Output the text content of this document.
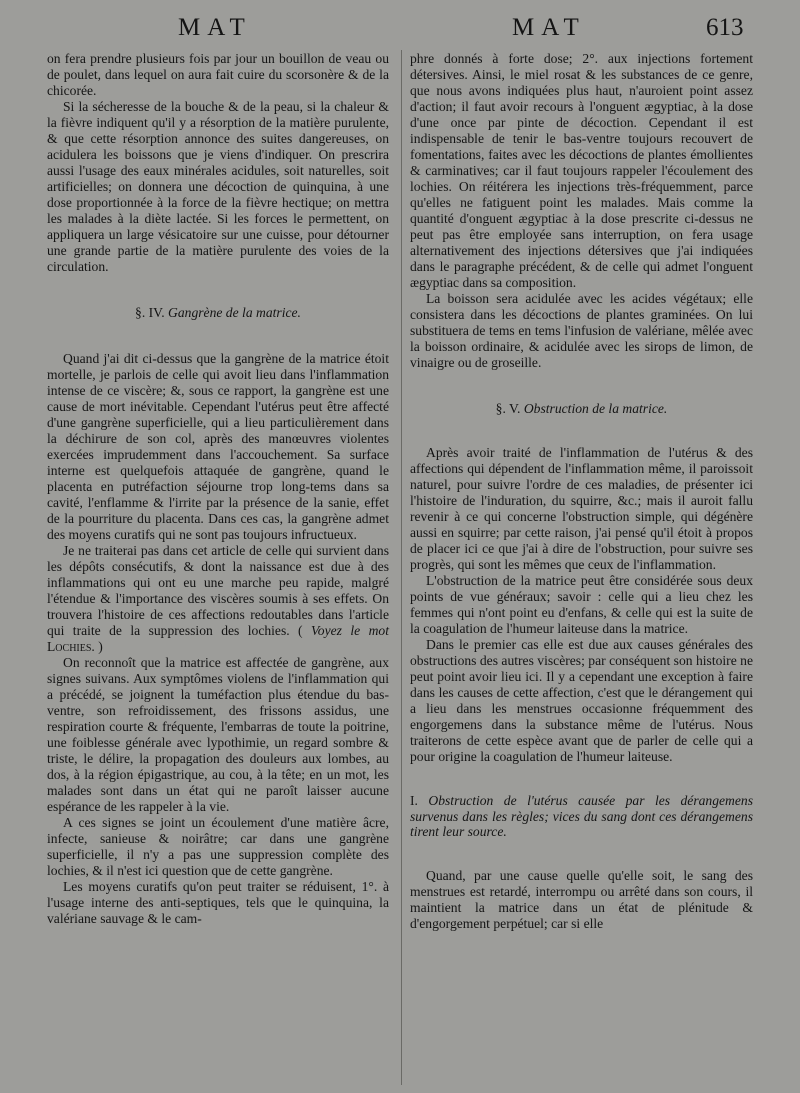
MAT	MAT	613

on fera prendre plusieurs fois par jour un bouillon de veau ou de poulet, dans lequel on aura fait cuire du scorsonère & de la chicorée.

Si la sécheresse de la bouche & de la peau, si la chaleur & la fièvre indiquent qu'il y a résorption de la matière purulente, & que cette résorption annonce des suites dangereuses, on acidulera les boissons que je viens d'indiquer. On prescrira aussi l'usage des eaux minérales acidules, soit naturelles, soit artificielles; on donnera une décoction de quinquina, à une dose proportionnée à la force de la fièvre hectique; on mettra les malades à la diète lactée. Si les forces le permettent, on appliquera un large vésicatoire sur une cuisse, pour détourner une grande partie de la matière purulente des voies de la circulation.

§. IV. Gangrène de la matrice.

Quand j'ai dit ci-dessus que la gangrène de la matrice étoit mortelle, je parlois de celle qui avoit lieu dans l'inflammation intense de ce viscère; &, sous ce rapport, la gangrène est une cause de mort inévitable. Cependant l'utérus peut être affecté d'une gangrène superficielle, qui a lieu particulièrement dans la déchirure de son col, après des manœuvres violentes exercées imprudemment dans l'accouchement. Sa surface interne est quelquefois attaquée de gangrène, quand le placenta en putréfaction séjourne trop long-tems dans sa cavité, l'enflamme & l'irrite par la présence de la sanie, effet de la pourriture du placenta. Dans ces cas, la gangrène admet des moyens curatifs qui ne sont pas toujours infructueux.

Je ne traiterai pas dans cet article de celle qui survient dans les dépôts consécutifs, & dont la naissance est due à des inflammations qui ont eu une marche peu rapide, malgré l'étendue & l'importance des viscères soumis à ses effets. On trouvera l'histoire de ces affections redoutables dans l'article qui traite de la suppression des lochies. ( Voyez le mot Lochies. )

On reconnoît que la matrice est affectée de gangrène, aux signes suivans. Aux symptômes violens de l'inflammation qui a précédé, se joignent la tuméfaction plus étendue du bas-ventre, son refroidissement, des frissons assidus, une respiration courte & fréquente, l'embarras de toute la poitrine, une foiblesse générale avec lypothimie, un regard sombre & triste, le délire, la propagation des douleurs aux lombes, au dos, à la région épigastrique, au cou, à la tête; en un mot, les malades sont dans un état qui ne paroît laisser aucune espérance de les rappeler à la vie.

A ces signes se joint un écoulement d'une matière âcre, infecte, sanieuse & noirâtre; car dans une gangrène superficielle, il n'y a pas une suppression complète des lochies, & il n'est ici question que de cette gangrène.

Les moyens curatifs qu'on peut traiter se réduisent, 1°. à l'usage interne des anti-septiques, tels que le quinquina, la valériane sauvage & le cam-

phre donnés à forte dose; 2°. aux injections fortement détersives. Ainsi, le miel rosat & les substances de ce genre, que nous avons indiquées plus haut, n'auroient point assez d'action; il faut avoir recours à l'onguent ægyptiac, à la dose d'une once par pinte de décoction. Cependant il est indispensable de tenir le bas-ventre toujours recouvert de fomentations, faites avec les décoctions de plantes émollientes & carminatives; car il faut toujours rappeler l'écoulement des lochies. On réitérera les injections très-fréquemment, parce qu'elles ne fatiguent point les malades. Mais comme la quantité d'onguent ægyptiac à la dose prescrite ci-dessus ne peut pas être employée sans interruption, on fera usage alternativement des injections détersives que j'ai indiquées dans le paragraphe précédent, & de celle qui admet l'onguent ægyptiac dans sa composition.

La boisson sera acidulée avec les acides végétaux; elle consistera dans les décoctions de plantes graminées. On lui substituera de tems en tems l'infusion de valériane, mêlée avec la boisson ordinaire, & acidulée avec les sirops de limon, de vinaigre ou de groseille.

§. V. Obstruction de la matrice.

Après avoir traité de l'inflammation de l'utérus & des affections qui dépendent de l'inflammation même, il paroissoit naturel, pour suivre l'ordre de ces maladies, de présenter ici l'histoire de l'induration, du squirre, &c.; mais il auroit fallu revenir à ce qui concerne l'obstruction simple, qui dégénère aussi en squirre; par cette raison, j'ai pensé qu'il étoit à propos de placer ici ce que j'ai à dire de l'obstruction, pour suivre ses progrès, qui sont les mêmes que ceux de l'inflammation.

L'obstruction de la matrice peut être considérée sous deux points de vue généraux; savoir : celle qui a lieu chez les femmes qui n'ont point eu d'enfans, & celle qui est la suite de la coagulation de l'humeur laiteuse dans la matrice.

Dans le premier cas elle est due aux causes générales des obstructions des autres viscères; par conséquent son histoire ne peut point avoir lieu ici. Il y a cependant une exception à faire dans les causes de cette affection, c'est que le dérangement qui a lieu dans les menstrues occasionne fréquemment des engorgemens dans la substance même de l'utérus. Nous traiterons de cette espèce avant que de parler de celle qui a pour origine la coagulation de l'humeur laiteuse.

I. Obstruction de l'utérus causée par les dérangemens survenus dans les règles; vices du sang dont ces dérangemens tirent leur source.

Quand, par une cause quelle qu'elle soit, le sang des menstrues est retardé, interrompu ou arrêté dans son cours, il maintient la matrice dans un état de plénitude & d'engorgement perpétuel; car si elle
